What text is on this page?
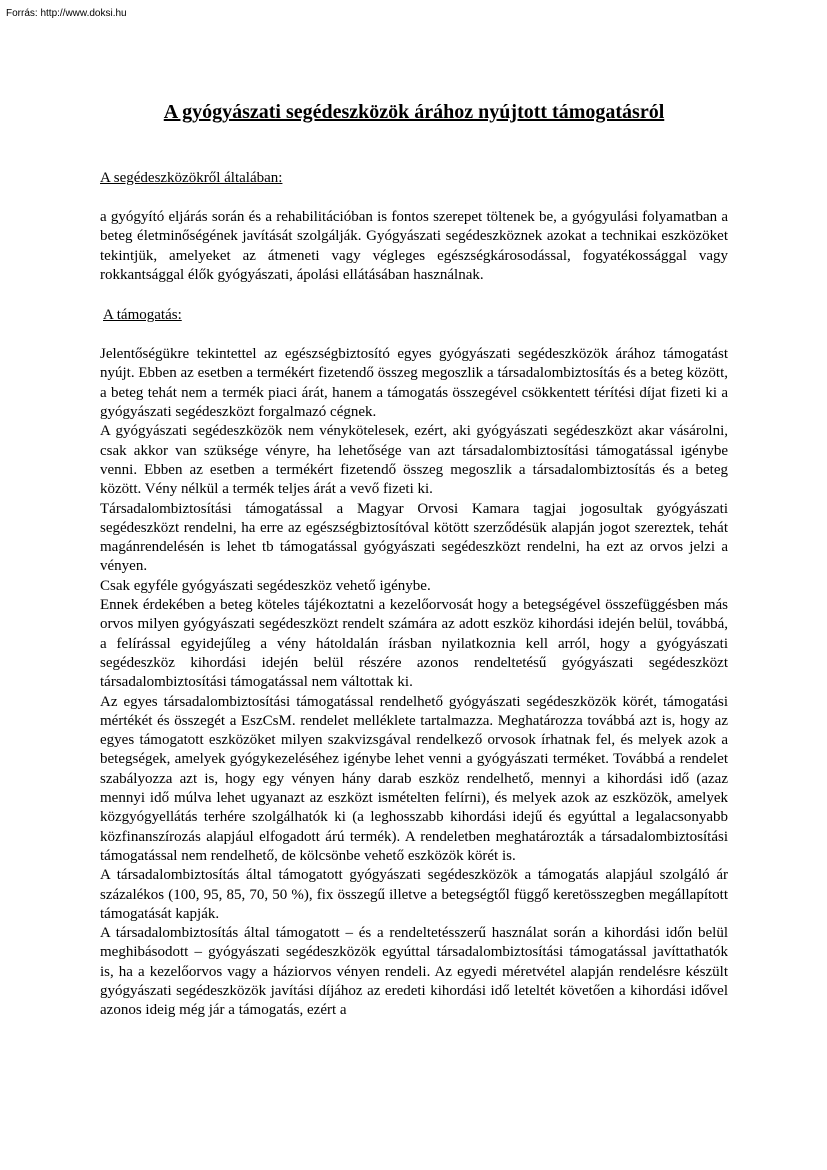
Forrás: http://www.doksi.hu
A gyógyászati segédeszközök árához nyújtott támogatásról
A segédeszközökről általában:

a gyógyító eljárás során és a rehabilitációban is fontos szerepet töltenek be, a gyógyulási folyamatban a beteg életminőségének javítását szolgálják. Gyógyászati segédeszköznek azokat a technikai eszközöket tekintjük, amelyeket az átmeneti vagy végleges egészségkárosodással, fogyatékossággal vagy rokkantsággal élők gyógyászati, ápolási ellátásában használnak.

A támogatás:

Jelentőségükre tekintettel az egészségbiztosító egyes gyógyászati segédeszközök árához támogatást nyújt. Ebben az esetben a termékért fizetendő összeg megoszlik a társadalombiztosítás és a beteg között, a beteg tehát nem a termék piaci árát, hanem a támogatás összegével csökkentett térítési díjat fizeti ki a gyógyászati segédeszközt forgalmazó cégnek.

A gyógyászati segédeszközök nem vénykötelesek, ezért, aki gyógyászati segédeszközt akar vásárolni, csak akkor van szüksége vényre, ha lehetősége van azt társadalombiztosítási támogatással igénybe venni. Ebben az esetben a termékért fizetendő összeg megoszlik a társadalombiztosítás és a beteg között. Vény nélkül a termék teljes árát a vevő fizeti ki.

Társadalombiztosítási támogatással a Magyar Orvosi Kamara tagjai jogosultak gyógyászati segédeszközt rendelni, ha erre az egészségbiztosítóval kötött szerződésük alapján jogot szereztek, tehát magánrendelésén is lehet tb támogatással gyógyászati segédeszközt rendelni, ha ezt az orvos jelzi a vényen.

Csak egyféle gyógyászati segédeszköz vehető igénybe.

Ennek érdekében a beteg köteles tájékoztatni a kezelőorvosát hogy a betegségével összefüggésben más orvos milyen gyógyászati segédeszközt rendelt számára az adott eszköz kihordási idején belül, továbbá, a felírással egyidejűleg a vény hátoldalán írásban nyilatkoznia kell arról, hogy a gyógyászati segédeszköz kihordási idején belül részére azonos rendeltetésű gyógyászati segédeszközt társadalombiztosítási támogatással nem váltottak ki.

Az egyes társadalombiztosítási támogatással rendelhető gyógyászati segédeszközök körét, támogatási mértékét és összegét a EszCsM. rendelet melléklete tartalmazza. Meghatározza továbbá azt is, hogy az egyes támogatott eszközöket milyen szakvizsgával rendelkező orvosok írhatnak fel, és melyek azok a betegségek, amelyek gyógykezeléséhez igénybe lehet venni a gyógyászati terméket. Továbbá a rendelet szabályozza azt is, hogy egy vényen hány darab eszköz rendelhető, mennyi a kihordási idő (azaz mennyi idő múlva lehet ugyanazt az eszközt ismételten felírni), és melyek azok az eszközök, amelyek közgyógyellátás terhére szolgálhatók ki (a leghosszabb kihordási idejű és egyúttal a legalacsonyabb közfinanszírozás alapjául elfogadott árú termék). A rendeletben meghatározták a társadalombiztosítási támogatással nem rendelhető, de kölcsönbe vehető eszközök körét is.

A társadalombiztosítás által támogatott gyógyászati segédeszközök a támogatás alapjául szolgáló ár százalékos (100, 95, 85, 70, 50 %), fix összegű illetve a betegségtől függő keretösszegben megállapított támogatását kapják.

A társadalombiztosítás által támogatott – és a rendeltetésszerű használat során a kihordási időn belül meghibásodott – gyógyászati segédeszközök egyúttal társadalombiztosítási támogatással javíttathatók is, ha a kezelőorvos vagy a háziorvos vényen rendeli. Az egyedi méretvétel alapján rendelésre készült gyógyászati segédeszközök javítási díjához az eredeti kihordási idő leteltét követően a kihordási idővel azonos ideig még jár a támogatás, ezért a
